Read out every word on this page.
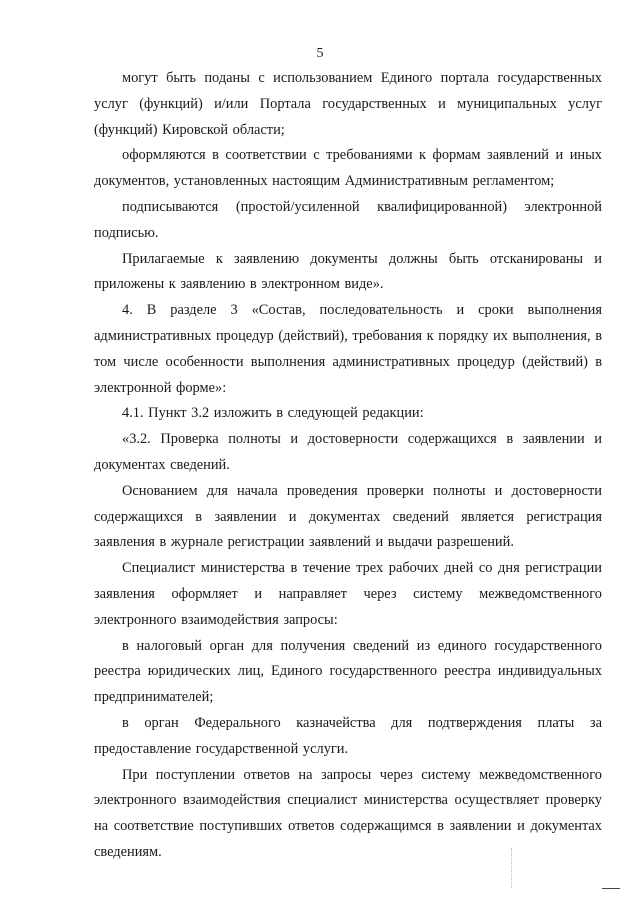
5

могут быть поданы с использованием Единого портала государственных услуг (функций) и/или Портала государственных и муниципальных услуг (функций) Кировской области;

оформляются в соответствии с требованиями к формам заявлений и иных документов, установленных настоящим Административным регламентом;

подписываются (простой/усиленной квалифицированной) электронной подписью.

Прилагаемые к заявлению документы должны быть отсканированы и приложены к заявлению в электронном виде».

4. В разделе 3 «Состав, последовательность и сроки выполнения административных процедур (действий), требования к порядку их выполнения, в том числе особенности выполнения административных процедур (действий) в электронной форме»:

4.1. Пункт 3.2 изложить в следующей редакции:

«3.2. Проверка полноты и достоверности содержащихся в заявлении и документах сведений.

Основанием для начала проведения проверки полноты и достоверности содержащихся в заявлении и документах сведений является регистрация заявления в журнале регистрации заявлений и выдачи разрешений.

Специалист министерства в течение трех рабочих дней со дня регистрации заявления оформляет и направляет через систему межведомственного электронного взаимодействия запросы:

в налоговый орган для получения сведений из единого государственного реестра юридических лиц, Единого государственного реестра индивидуальных предпринимателей;

в орган Федерального казначейства для подтверждения платы за предоставление государственной услуги.

При поступлении ответов на запросы через систему межведомственного электронного взаимодействия специалист министерства осуществляет проверку на соответствие поступивших ответов содержащимся в заявлении и документах сведениям.
